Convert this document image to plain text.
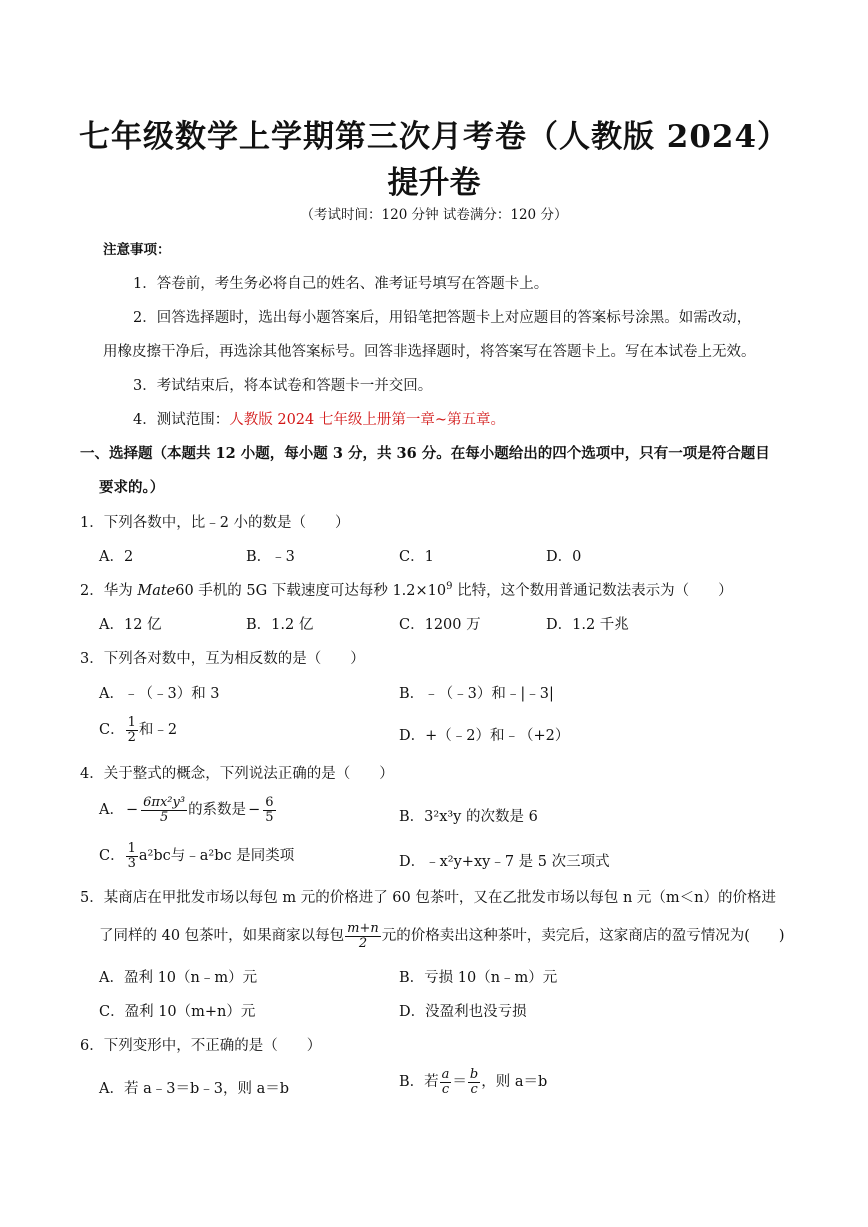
七年级数学上学期第三次月考卷（人教版 2024）
提升卷
（考试时间：120 分钟 试卷满分：120 分）
注意事项：
1．答卷前，考生务必将自己的姓名、准考证号填写在答题卡上。
2．回答选择题时，选出每小题答案后，用铅笔把答题卡上对应题目的答案标号涂黑。如需改动，
用橡皮擦干净后，再选涂其他答案标号。回答非选择题时，将答案写在答题卡上。写在本试卷上无效。
3．考试结束后，将本试卷和答题卡一并交回。
4．测试范围：人教版 2024 七年级上册第一章~第五章。
一、选择题（本题共 12 小题，每小题 3 分，共 36 分。在每小题给出的四个选项中，只有一项是符合题目
要求的。）
1．下列各数中，比﹣2 小的数是（　　）
A．2	B．﹣3	C．1	D．0
2．华为 Mate60 手机的 5G 下载速度可达每秒 $1.2\times 10^9$ 比特，这个数用普通记数法表示为（　　）
A．12 亿	B．1.2 亿	C．1200 万	D．1.2 千兆
3．下列各对数中，互为相反数的是（　　）
A．﹣（﹣3）和 3	B．﹣（﹣3）和﹣|﹣3|
C． $\frac{1}{2}$ 和﹣2	D．+（﹣2）和﹣（+2）
4．关于整式的概念，下列说法正确的是（　　）
A． − $\frac{\text{6πx²y³}}{5}$ 的系数是 − $\frac{6}{5}$	B．3²x³y 的次数是 6
C． $\frac{1}{3} a^2bc$与﹣a²bc 是同类项	D．﹣x²y+xy﹣7 是 5 次三项式
5．某商店在甲批发市场以每包 m 元的价格进了 60 包茶叶，又在乙批发市场以每包 n 元（m＜n）的价格进
了同样的 40 包茶叶，如果商家以每包 $\frac{m+n}{2}$ 元的价格卖出这种茶叶，卖完后，这家商店的盈亏情况为(　　)
A．盈利 10（n﹣m）元	B．亏损 10（n﹣m）元
C．盈利 10（m+n）元	D．没盈利也没亏损
6．下列变形中，不正确的是（　　）
A．若 a﹣3＝b﹣3，则 a＝b	B．若 $\frac{a}{c} = \frac{b}{c}$ ，则 a＝b
